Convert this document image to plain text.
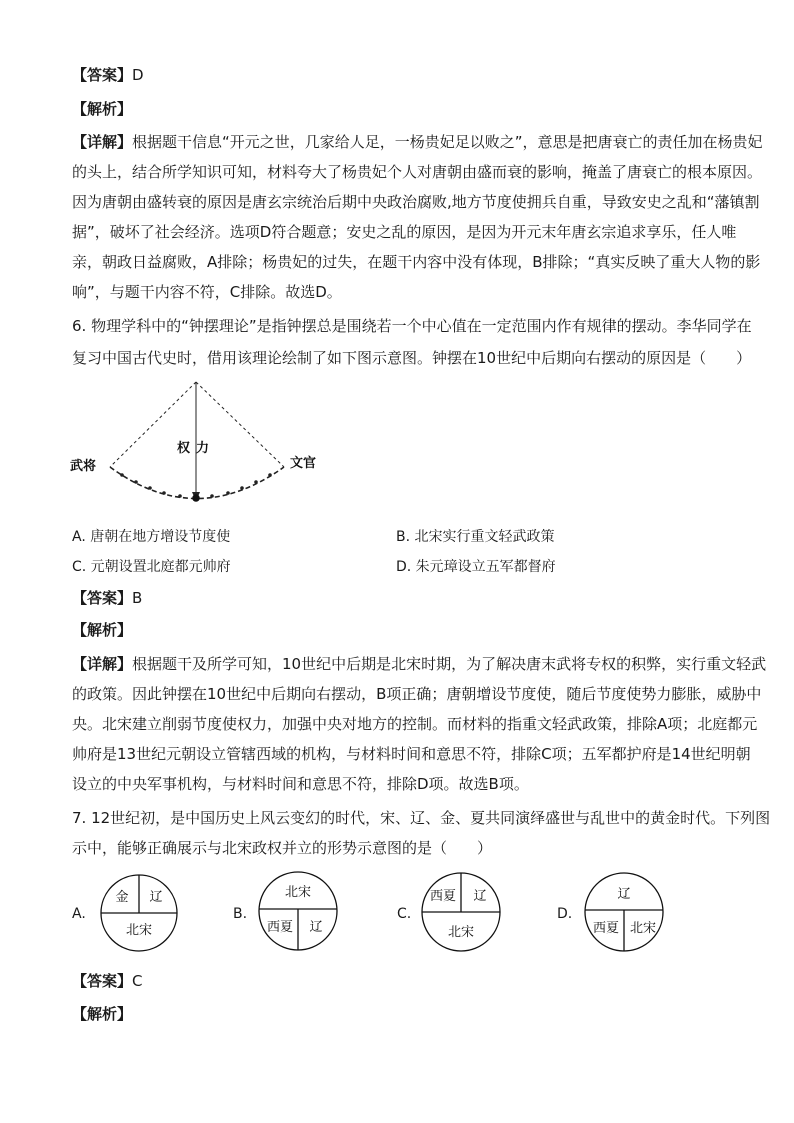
【答案】D
【解析】
【详解】根据题干信息“开元之世，几家给人足，一杨贵妃足以败之”，意思是把唐衰亡的责任加在杨贵妃
的头上，结合所学知识可知，材料夸大了杨贵妃个人对唐朝由盛而衰的影响，掩盖了唐衰亡的根本原因。
因为唐朝由盛转衰的原因是唐玄宗统治后期中央政治腐败,地方节度使拥兵自重，导致安史之乱和“藩镇割
据”，破坏了社会经济。选项D符合题意；安史之乱的原因，是因为开元末年唐玄宗追求享乐，任人唯
亲，朝政日益腐败，A排除；杨贵妃的过失，在题干内容中没有体现，B排除；“真实反映了重大人物的影
响”，与题干内容不符，C排除。故选D。
6. 物理学科中的“钟摆理论”是指钟摆总是围绕若一个中心值在一定范围内作有规律的摆动。李华同学在
复习中国古代史时，借用该理论绘制了如下图示意图。钟摆在10世纪中后期向右摆动的原因是（　　）
武将	文官
权力
A. 唐朝在地方增设节度使	B. 北宋实行重文轻武政策
C. 元朝设置北庭都元帅府	D. 朱元璋设立五军都督府
【答案】B
【解析】
【详解】根据题干及所学可知，10世纪中后期是北宋时期，为了解决唐末武将专权的积弊，实行重文轻武
的政策。因此钟摆在10世纪中后期向右摆动，B项正确；唐朝增设节度使，随后节度使势力膨胀，威胁中
央。北宋建立削弱节度使权力，加强中央对地方的控制。而材料的指重文轻武政策，排除A项；北庭都元
帅府是13世纪元朝设立管辖西域的机构，与材料时间和意思不符，排除C项；五军都护府是14世纪明朝
设立的中央军事机构，与材料时间和意思不符，排除D项。故选B项。
7. 12世纪初，是中国历史上风云变幻的时代，宋、辽、金、夏共同演绎盛世与乱世中的黄金时代。下列图
示中，能够正确展示与北宋政权并立的形势示意图的是（　　）
A.
金 辽
北宋
B.
北宋
西夏 辽
C.
西夏 辽
北宋
D.
辽
西夏 北宋
【答案】C
【解析】
